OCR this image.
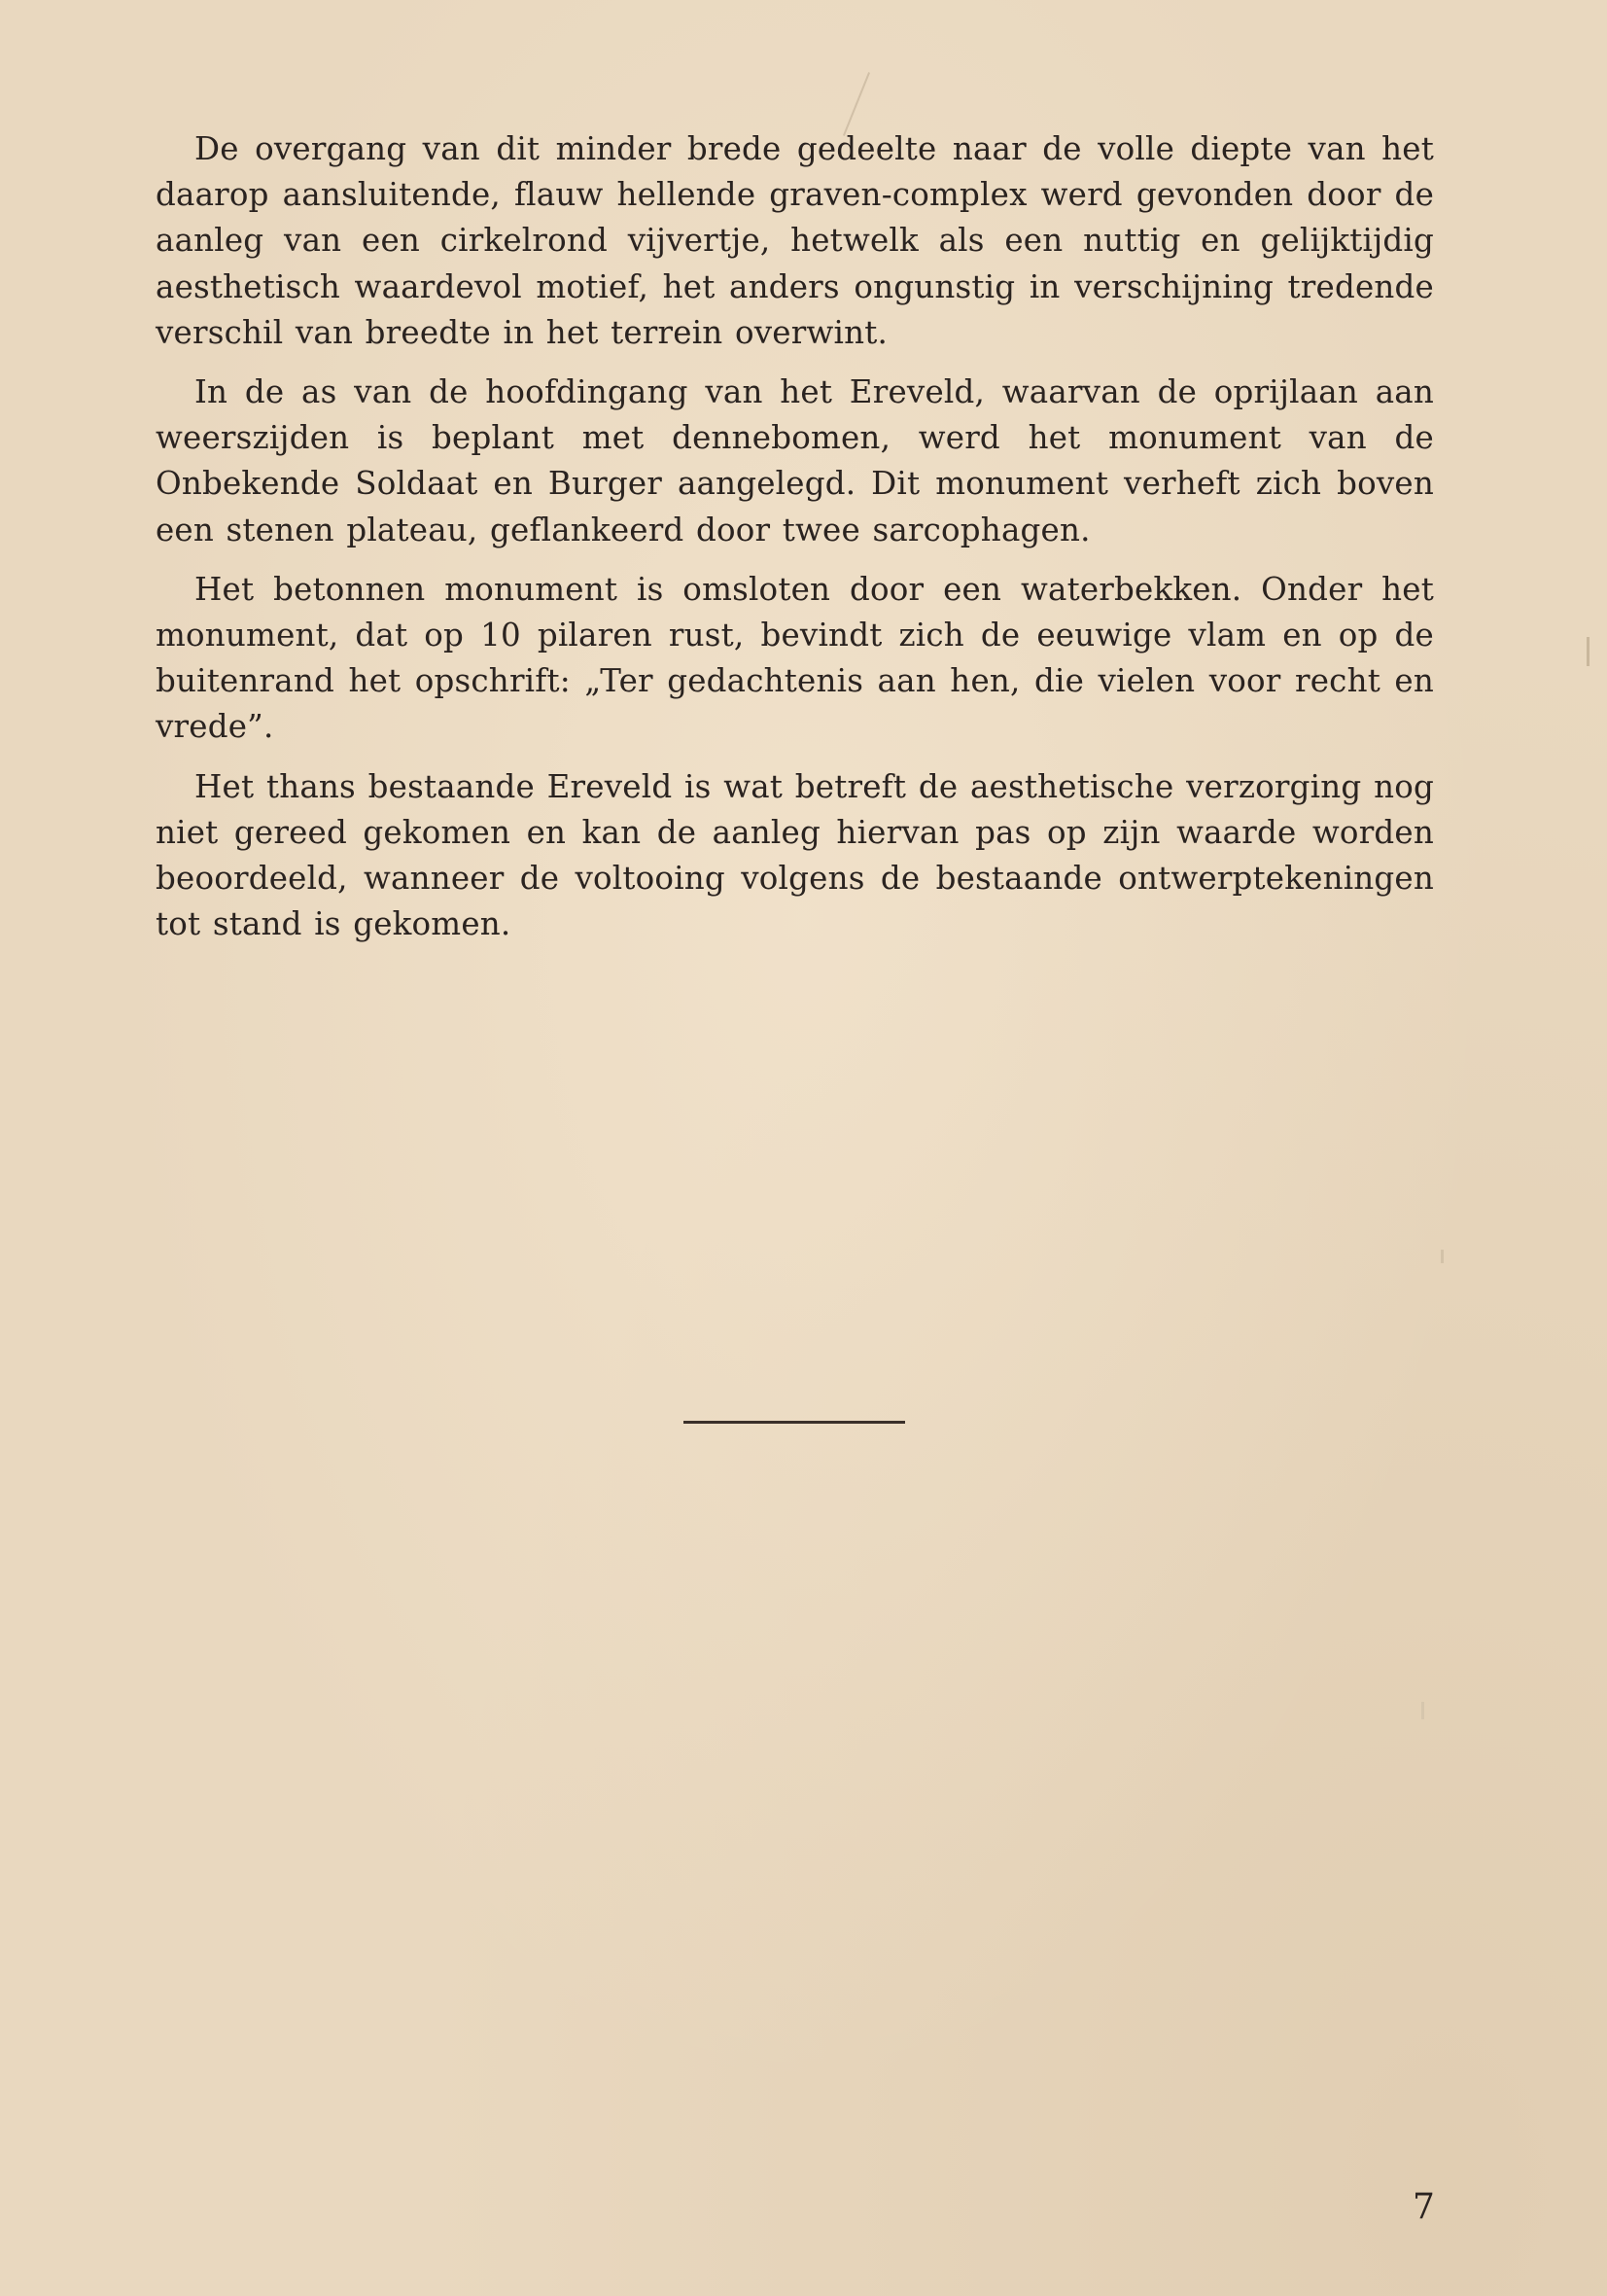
De overgang van dit minder brede gedeelte naar de volle diepte van het daarop aansluitende, flauw hellende graven-complex werd gevonden door de aanleg van een cirkelrond vijvertje, hetwelk als een nuttig en gelijktijdig aesthetisch waardevol motief, het anders ongunstig in verschijning tredende verschil van breedte in het terrein overwint.

In de as van de hoofdingang van het Ereveld, waarvan de oprijlaan aan weerszijden is beplant met dennebomen, werd het monument van de Onbekende Soldaat en Burger aangelegd. Dit monument verheft zich boven een stenen plateau, geflankeerd door twee sarcophagen.

Het betonnen monument is omsloten door een waterbekken. Onder het monument, dat op 10 pilaren rust, bevindt zich de eeuwige vlam en op de buitenrand het opschrift: „Ter gedachtenis aan hen, die vielen voor recht en vrede”.

Het thans bestaande Ereveld is wat betreft de aesthetische verzorging nog niet gereed gekomen en kan de aanleg hiervan pas op zijn waarde worden beoordeeld, wanneer de voltooing volgens de bestaande ontwerptekeningen tot stand is gekomen.

7
